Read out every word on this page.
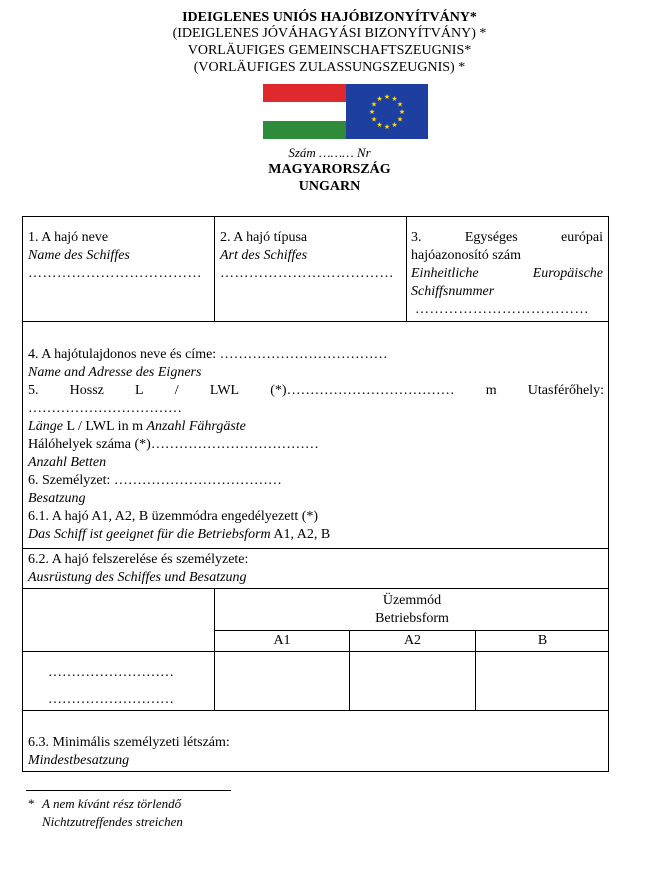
IDEIGLENES UNIÓS HAJÓBIZONYÍTVÁNY*
(IDEIGLENES JÓVÁHAGYÁSI BIZONYÍTVÁNY) *
VORLÄUFIGES GEMEINSCHAFTSZEUGNIS*
(VORLÄUFIGES ZULASSUNGSZEUGNIS) *
★ ★
★
★
★
★
★
★
★
★
★
★
Szám ……… Nr
MAGYARORSZÁG
UNGARN
1. A hajó neve
Name des Schiffes
………………………………
2. A hajó típusa
Art des Schiffes
………………………………
3.	Egységes	európai
hajóazonosító szám
Einheitliche	Europäische
Schiffsnummer
………………………………
4. A hajótulajdonos neve és címe: ………………………………
Name and Adresse des Eigners
5. Hossz L / LWL (*)……………………………… m Utasférőhely:
……………………………
Länge L / LWL in m Anzahl Fährgäste
Hálóhelyek száma (*)………………………………
Anzahl Betten
6. Személyzet: ………………………………
Besatzung
6.1. A hajó A1, A2, B üzemmódra engedélyezett (*)
Das Schiff ist geeignet für die Betriebsform A1, A2, B
6.2. A hajó felszerelése és személyzete:
Ausrüstung des Schiffes und Besatzung
Üzemmód
Betriebsform
A1	A2	B
………………………
………………………
6.3. Minimális személyzeti létszám:
Mindestbesatzung
* A nem kívánt rész törlendő
Nichtzutreffendes streichen
